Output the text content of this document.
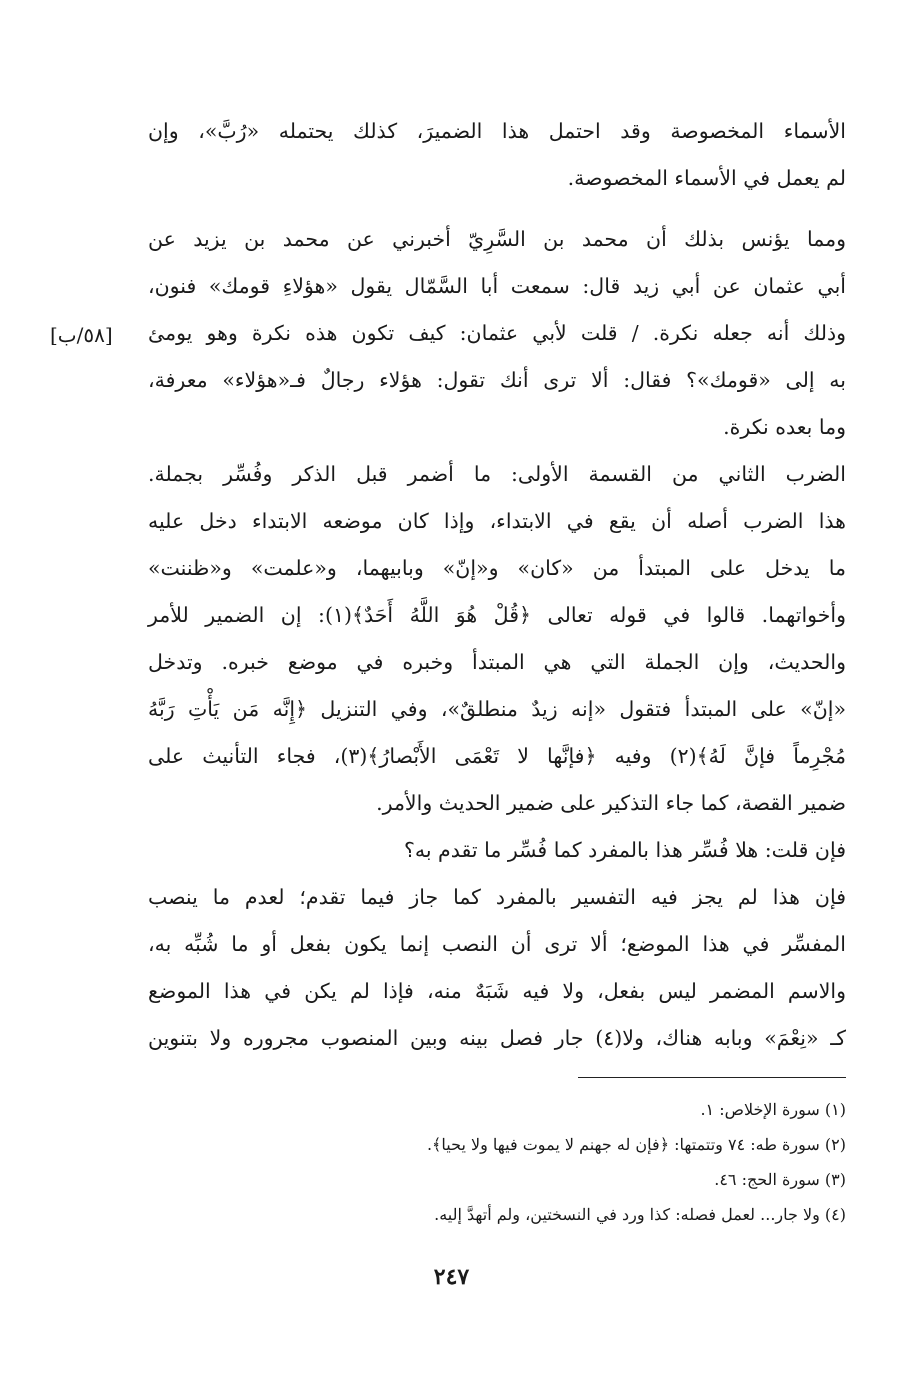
الأسماء المخصوصة وقد احتمل هذا الضميرَ، كذلك يحتمله «رُبَّ»، وإن
لم يعمل في الأسماء المخصوصة.
ومما يؤنس بذلك أن محمد بن السَّرِيّ أخبرني عن محمد بن يزيد عن
أبي عثمان عن أبي زيد قال: سمعت أبا السَّمّال يقول «هؤلاءِ قومك» فنون،
وذلك أنه جعله نكرة. / قلت لأبي عثمان: كيف تكون هذه نكرة وهو يومئ
به إلى «قومك»؟ فقال: ألا ترى أنك تقول: هؤلاء رجالٌ فـ«هؤلاء» معرفة،
وما بعده نكرة.
الضرب الثاني من القسمة الأولى: ما أضمر قبل الذكر وفُسِّر بجملة.
هذا الضرب أصله أن يقع في الابتداء، وإذا كان موضعه الابتداء دخل عليه
ما يدخل على المبتدأ من «كان» و«إنّ» وبابيهما، و«علمت» و«ظننت»
وأخواتهما. قالوا في قوله تعالى ﴿قُلْ هُوَ اللَّهُ أَحَدٌ﴾(١): إن الضمير للأمر
والحديث، وإن الجملة التي هي المبتدأ وخبره في موضع خبره. وتدخل
«إنّ» على المبتدأ فتقول «إنه زيدٌ منطلقٌ»، وفي التنزيل ﴿إِنَّه مَن يَأْتِ رَبَّهُ
مُجْرِماً فإنَّ لَهُ﴾(٢) وفيه ﴿فإنَّها لا تَعْمَى الأَبْصارُ﴾(٣)، فجاء التأنيث على
ضمير القصة، كما جاء التذكير على ضمير الحديث والأمر.
فإن قلت: هلا فُسِّر هذا بالمفرد كما فُسِّر ما تقدم به؟
فإن هذا لم يجز فيه التفسير بالمفرد كما جاز فيما تقدم؛ لعدم ما ينصب
المفسِّر في هذا الموضع؛ ألا ترى أن النصب إنما يكون بفعل أو ما شُبِّه به،
والاسم المضمر ليس بفعل، ولا فيه شَبَهٌ منه، فإذا لم يكن في هذا الموضع
كـ «نِعْمَ» وبابه هناك، ولا(٤) جار فصل بينه وبين المنصوب مجروره ولا بتنوين
[٥٨/ب]
(١) سورة الإخلاص: ١.
(٢) سورة طه: ٧٤ وتتمتها: ﴿فإن له جهنم لا يموت فيها ولا يحيا﴾.
(٣) سورة الحج: ٤٦.
(٤) ولا جار... لعمل فصله: كذا ورد في النسختين، ولم أتهدَّ إليه.
٢٤٧
